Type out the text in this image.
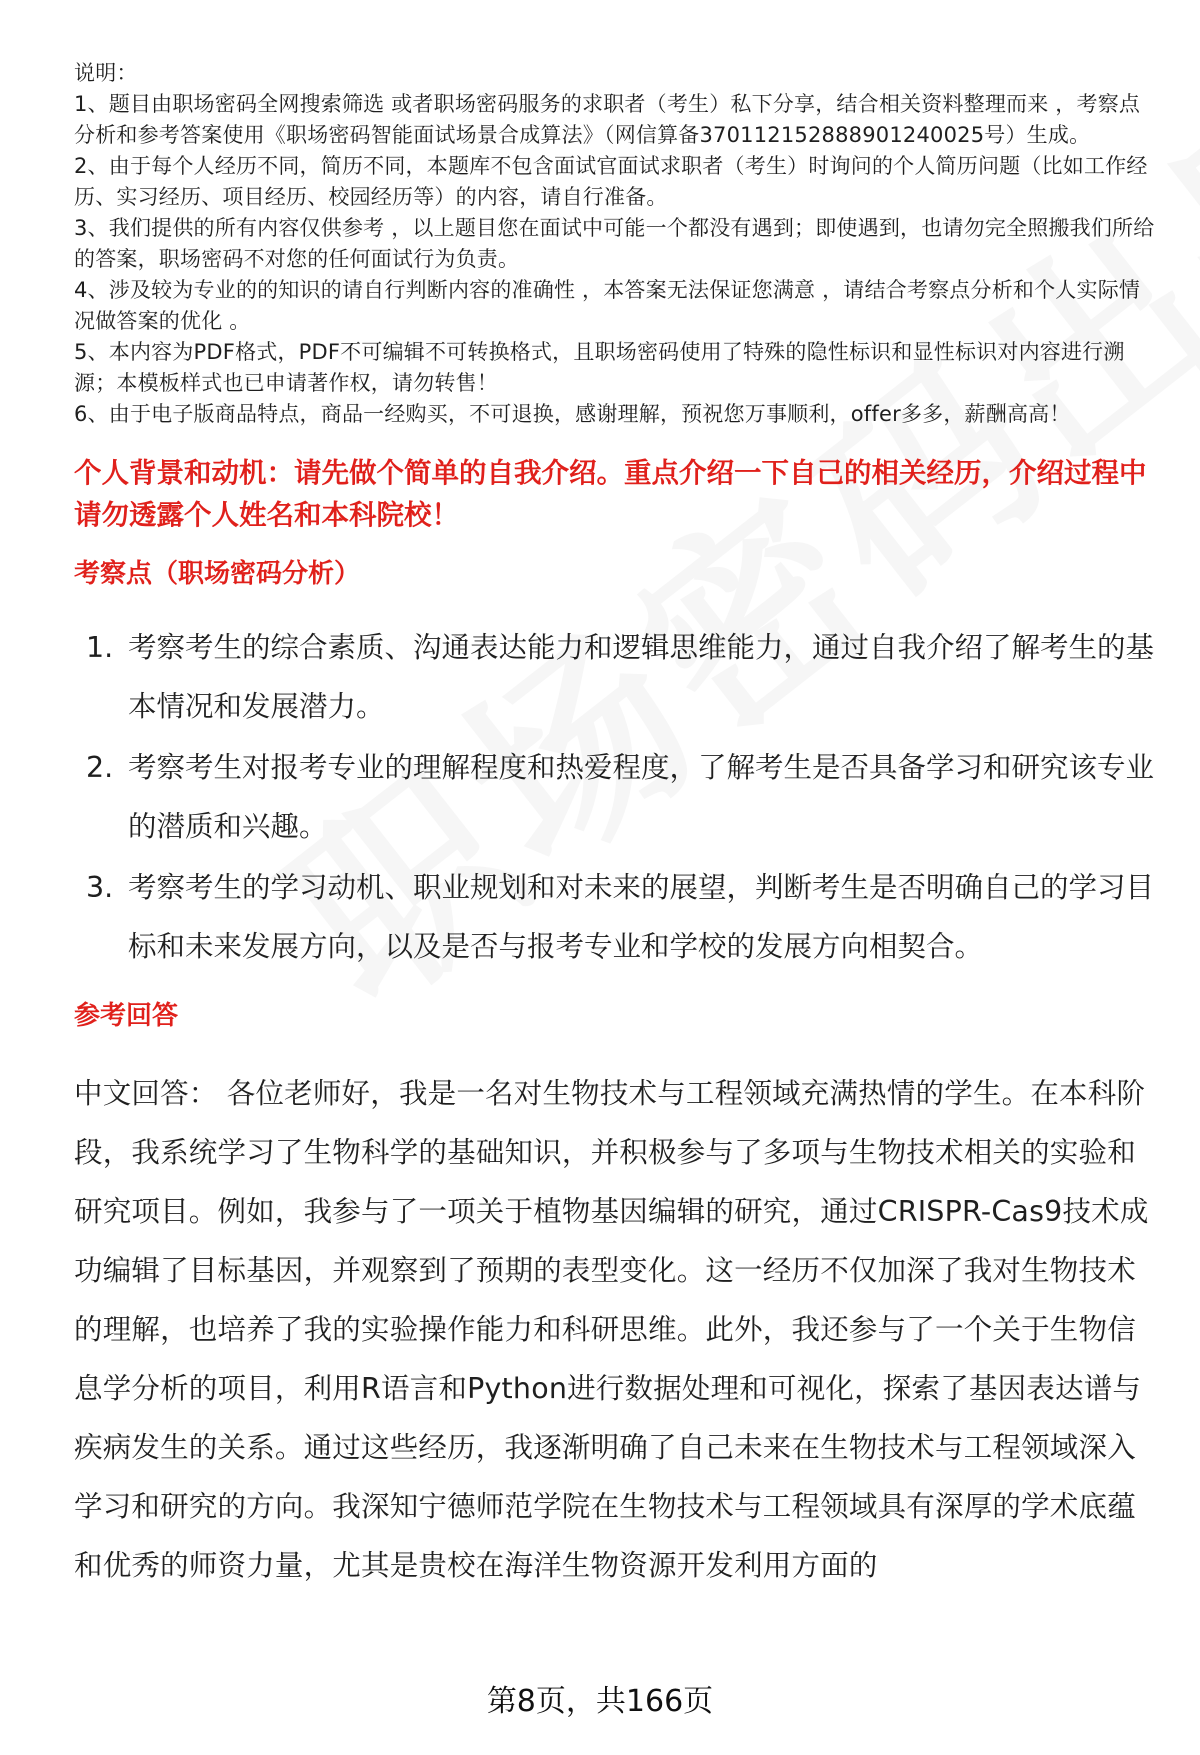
说明：
1、题目由职场密码全网搜索筛选 或者职场密码服务的求职者（考生）私下分享，结合相关资料整理而来 ，考察点分析和参考答案使用《职场密码智能面试场景合成算法》（网信算备370112152888901240025号）生成。
2、由于每个人经历不同，简历不同，本题库不包含面试官面试求职者（考生）时询问的个人简历问题（比如工作经历、实习经历、项目经历、校园经历等）的内容，请自行准备。
3、我们提供的所有内容仅供参考 ，以上题目您在面试中可能一个都没有遇到；即使遇到，也请勿完全照搬我们所给的答案，职场密码不对您的任何面试行为负责。
4、涉及较为专业的的知识的请自行判断内容的准确性 ，本答案无法保证您满意 ，请结合考察点分析和个人实际情况做答案的优化 。
5、本内容为PDF格式，PDF不可编辑不可转换格式，且职场密码使用了特殊的隐性标识和显性标识对内容进行溯源；本模板样式也已申请著作权，请勿转售！
6、由于电子版商品特点，商品一经购买，不可退换，感谢理解，预祝您万事顺利，offer多多，薪酬高高！
个人背景和动机：请先做个简单的自我介绍。重点介绍一下自己的相关经历，介绍过程中请勿透露个人姓名和本科院校！
考察点（职场密码分析）
1. 考察考生的综合素质、沟通表达能力和逻辑思维能力，通过自我介绍了解考生的基本情况和发展潜力。
2. 考察考生对报考专业的理解程度和热爱程度，了解考生是否具备学习和研究该专业的潜质和兴趣。
3. 考察考生的学习动机、职业规划和对未来的展望，判断考生是否明确自己的学习目标和未来发展方向，以及是否与报考专业和学校的发展方向相契合。
参考回答
中文回答： 各位老师好，我是一名对生物技术与工程领域充满热情的学生。在本科阶段，我系统学习了生物科学的基础知识，并积极参与了多项与生物技术相关的实验和研究项目。例如，我参与了一项关于植物基因编辑的研究，通过CRISPR-Cas9技术成功编辑了目标基因，并观察到了预期的表型变化。这一经历不仅加深了我对生物技术的理解，也培养了我的实验操作能力和科研思维。此外，我还参与了一个关于生物信息学分析的项目，利用R语言和Python进行数据处理和可视化，探索了基因表达谱与疾病发生的关系。通过这些经历，我逐渐明确了自己未来在生物技术与工程领域深入学习和研究的方向。我深知宁德师范学院在生物技术与工程领域具有深厚的学术底蕴和优秀的师资力量，尤其是贵校在海洋生物资源开发利用方面的
第8页，共166页
